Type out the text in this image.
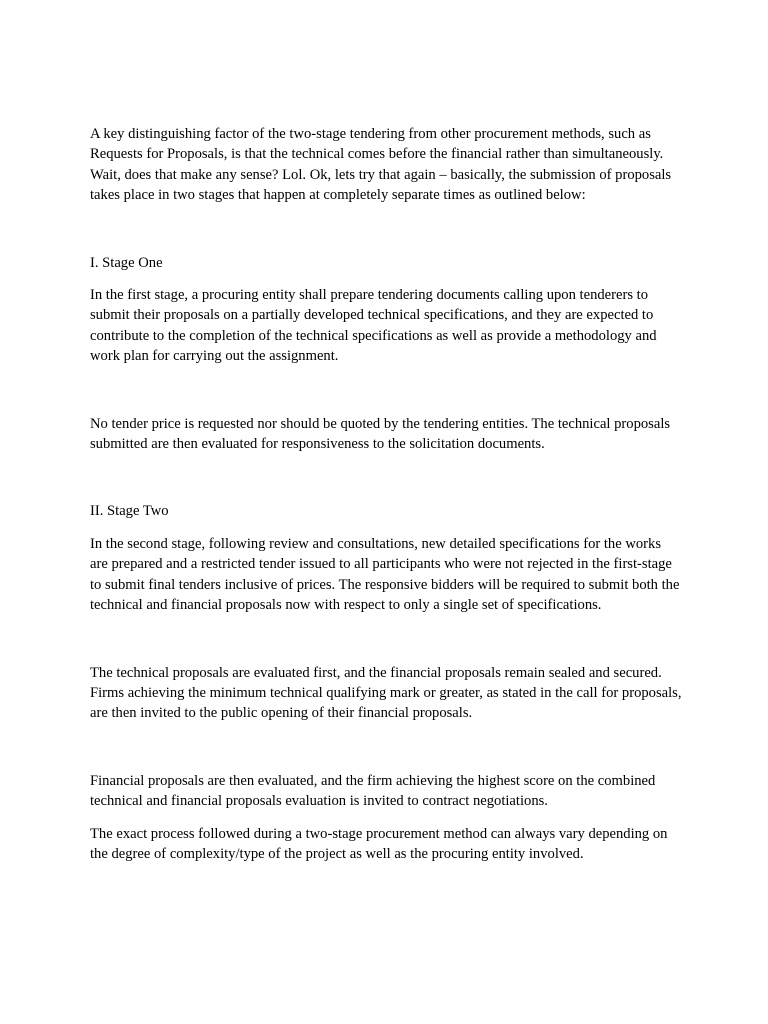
A key distinguishing factor of the two-stage tendering from other procurement methods, such as Requests for Proposals, is that the technical comes before the financial rather than simultaneously. Wait, does that make any sense? Lol. Ok, lets try that again – basically, the submission of proposals takes place in two stages that happen at completely separate times as outlined below:

I. Stage One

In the first stage, a procuring entity shall prepare tendering documents calling upon tenderers to submit their proposals on a partially developed technical specifications, and they are expected to contribute to the completion of the technical specifications as well as provide a methodology and work plan for carrying out the assignment.

No tender price is requested nor should be quoted by the tendering entities. The technical proposals submitted are then evaluated for responsiveness to the solicitation documents.

II. Stage Two

In the second stage, following review and consultations, new detailed specifications for the works are prepared and a restricted tender issued to all participants who were not rejected in the first-stage to submit final tenders inclusive of prices. The responsive bidders will be required to submit both the technical and financial proposals now with respect to only a single set of specifications.

The technical proposals are evaluated first, and the financial proposals remain sealed and secured. Firms achieving the minimum technical qualifying mark or greater, as stated in the call for proposals, are then invited to the public opening of their financial proposals.

Financial proposals are then evaluated, and the firm achieving the highest score on the combined technical and financial proposals evaluation is invited to contract negotiations.

The exact process followed during a two-stage procurement method can always vary depending on the degree of complexity/type of the project as well as the procuring entity involved.
